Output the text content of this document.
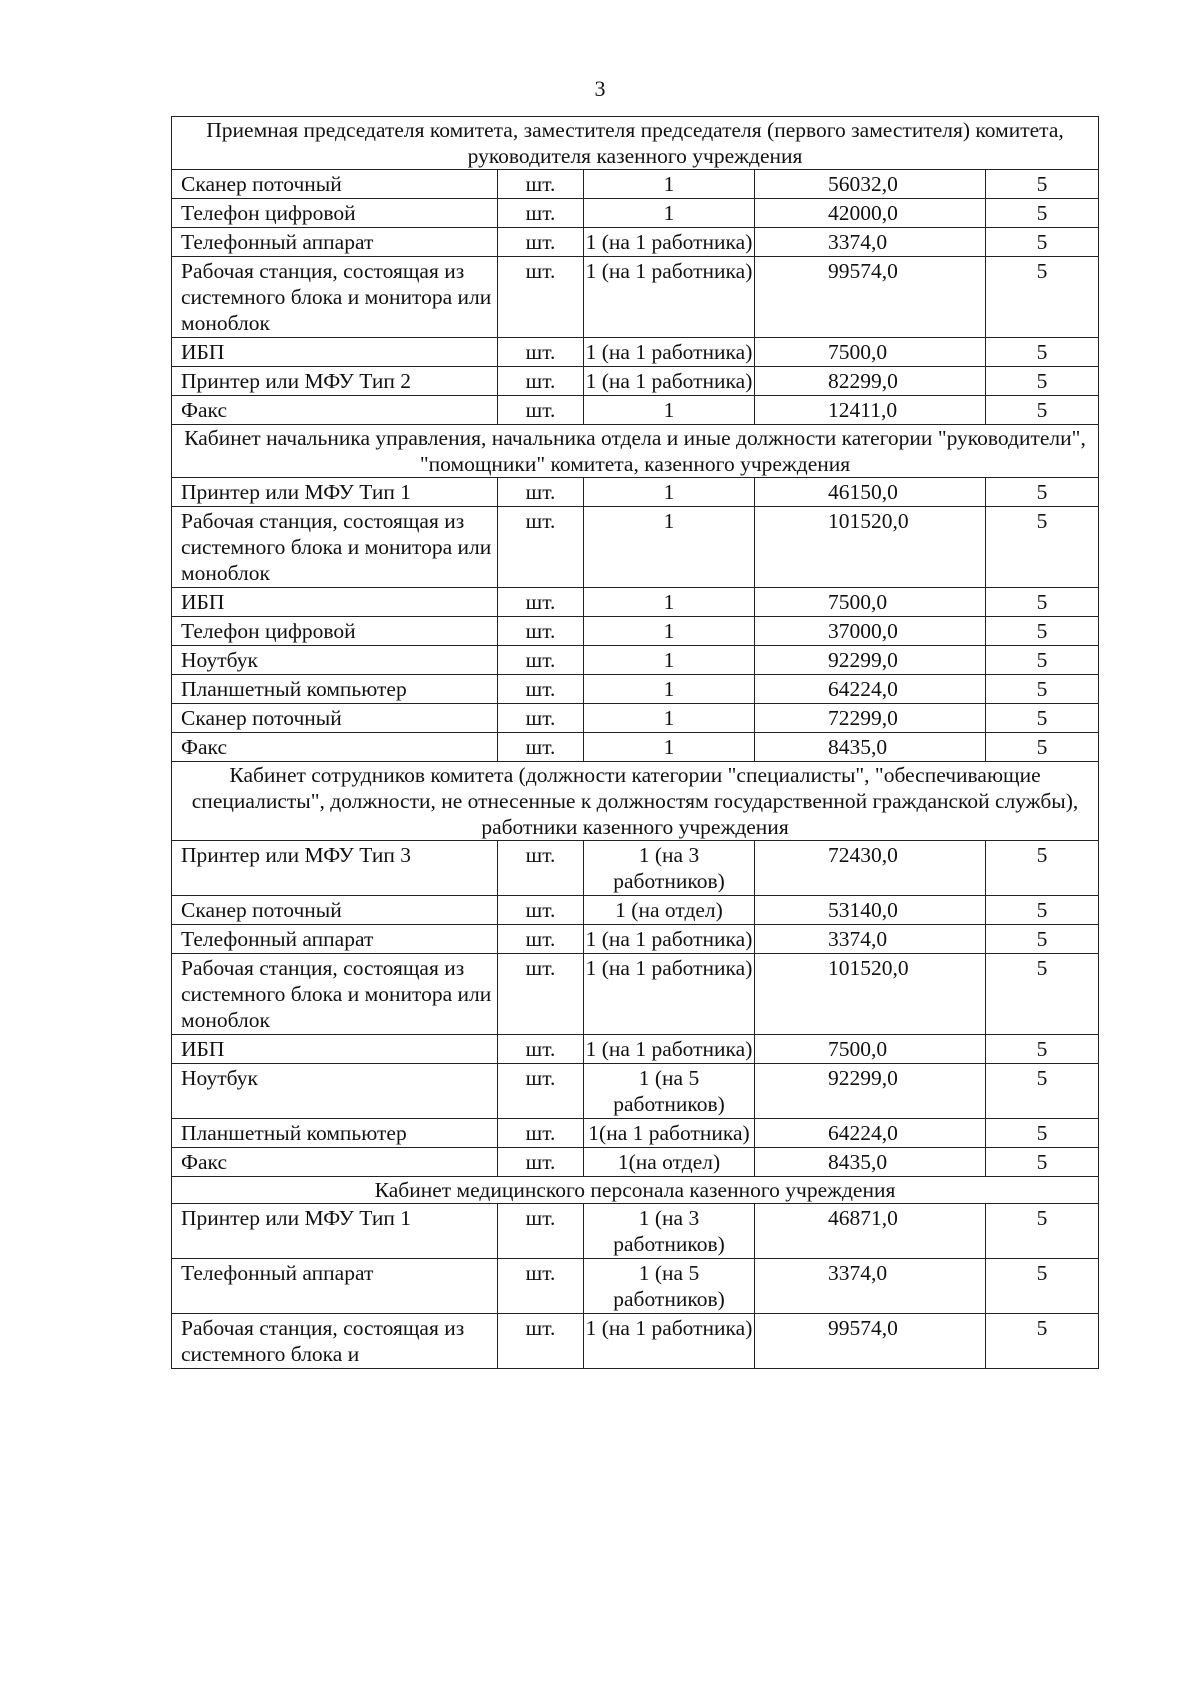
3
Приемная председателя комитета, заместителя председателя (первого заместителя) комитета, руководителя казенного учреждения				
Сканер поточный	шт.	1	56032,0	5
Телефон цифровой	шт.	1	42000,0	5
Телефонный аппарат	шт.	1 (на 1 работника)	3374,0	5
Рабочая станция, состоящая из системного блока и монитора или моноблок	шт.	1 (на 1 работника)	99574,0	5
ИБП	шт.	1 (на 1 работника)	7500,0	5
Принтер или МФУ Тип 2	шт.	1 (на 1 работника)	82299,0	5
Факс	шт.	1	12411,0	5
Кабинет начальника управления, начальника отдела и иные должности категории "руководители", "помощники" комитета, казенного учреждения				
Принтер или МФУ Тип 1	шт.	1	46150,0	5
Рабочая станция, состоящая из системного блока и монитора или моноблок	шт.	1	101520,0	5
ИБП	шт.	1	7500,0	5
Телефон цифровой	шт.	1	37000,0	5
Ноутбук	шт.	1	92299,0	5
Планшетный компьютер	шт.	1	64224,0	5
Сканер поточный	шт.	1	72299,0	5
Факс	шт.	1	8435,0	5
Кабинет сотрудников комитета (должности категории "специалисты", "обеспечивающие специалисты", должности, не отнесенные к должностям государственной гражданской службы), работники казенного учреждения				
Принтер или МФУ Тип 3	шт.	1 (на 3 работников)	72430,0	5
Сканер поточный	шт.	1 (на отдел)	53140,0	5
Телефонный аппарат	шт.	1 (на 1 работника)	3374,0	5
Рабочая станция, состоящая из системного блока и монитора или моноблок	шт.	1 (на 1 работника)	101520,0	5
ИБП	шт.	1 (на 1 работника)	7500,0	5
Ноутбук	шт.	1 (на 5 работников)	92299,0	5
Планшетный компьютер	шт.	1(на 1 работника)	64224,0	5
Факс	шт.	1(на отдел)	8435,0	5
Кабинет медицинского персонала казенного учреждения				
Принтер или МФУ Тип 1	шт.	1 (на 3 работников)	46871,0	5
Телефонный аппарат	шт.	1 (на 5 работников)	3374,0	5
Рабочая станция, состоящая из системного блока и	шт.	1 (на 1 работника)	99574,0	5
